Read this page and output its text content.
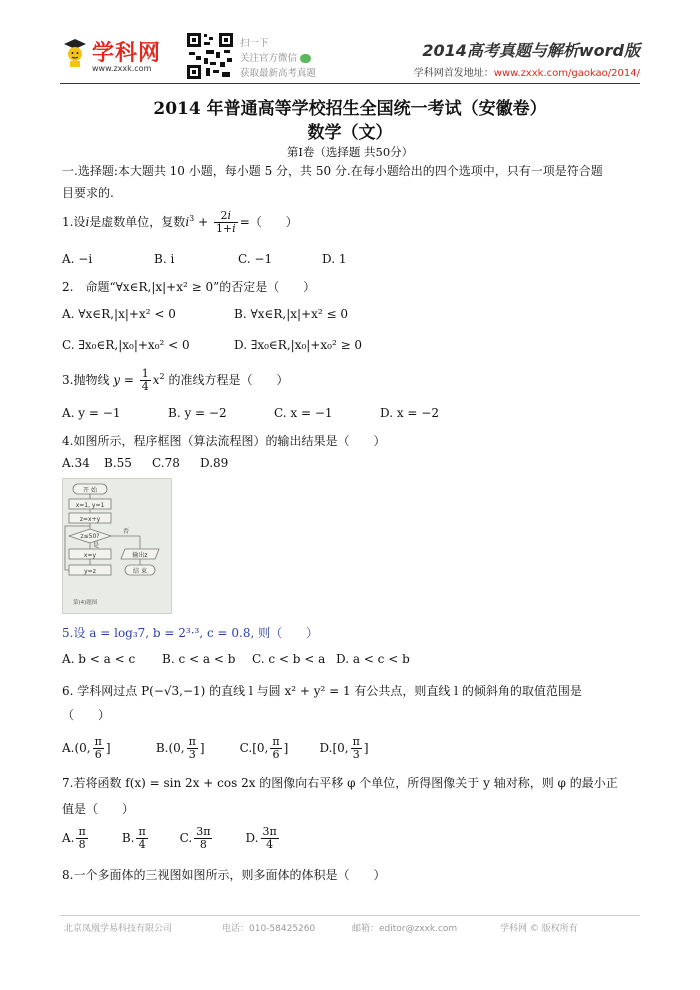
学科网
www.zxxk.com
扫一下
关注官方微信
获取最新高考真题
2014高考真题与解析word版
学科网首发地址：www.zxxk.com/gaokao/2014/
2014 年普通高等学校招生全国统一考试（安徽卷）
数学（文）
第Ⅰ卷（选择题 共50分）
一.选择题:本大题共 10 小题，每小题 5 分，共 50 分.在每小题给出的四个选项中，只有一项是符合题
目要求的.
1.设i是虚数单位，复数$i^3 + \frac{2i}{1+i}$ =（　　）
A. −i	B. i	C. −1	D. 1
2.　命题“∀x∈R,|x|+x² ≥ 0”的否定是（　　）
A. ∀x∈R,|x|+x² < 0	B. ∀x∈R,|x|+x² ≤ 0
C. ∃x₀∈R,|x₀|+x₀² < 0	D. ∃x₀∈R,|x₀|+x₀² ≥ 0
3.抛物线 $y = \frac{1}{4} x^2$ 的准线方程是（　　）
A. y = −1	B. y = −2	C. x = −1	D. x = −2
4.如图所示，程序框图（算法流程图）的输出结果是（　　）
A.34 B.55 C.78 D.89
开 始
x=1, y=1
z=x+y
z≤50?
否
是
x=y
y=z
输出z
结 束
第(4)题图
5.设 a = log₃7, b = 2³·³, c = 0.8, 则（　　）
A. b < a < c B. c < a < b C. c < b < a D. a < c < b
6. 学科网过点 P(−√3,−1) 的直线 l 与圆 x² + y² = 1 有公共点，则直线 l 的倾斜角的取值范围是
（　　）
A.(0, $\frac{\pi}{6}$ ]	B.(0, $\frac{\pi}{3}$ ]	C.[0, $\frac{\pi}{6}$ ]	D.[0, $\frac{\pi}{3}$ ]
7.若将函数 f(x) = sin 2x + cos 2x 的图像向右平移 φ 个单位，所得图像关于 y 轴对称，则 φ 的最小正
值是（　　）
A. $\frac{\pi}{8}$	B. $\frac{\pi}{4}$	C. $\frac{3\pi}{8}$	D. $\frac{3\pi}{4}$
8.一个多面体的三视图如图所示，则多面体的体积是（　　）
北京凤凰学易科技有限公司	电话：010-58425260	邮箱：editor@zxxk.com	学科网 © 版权所有
